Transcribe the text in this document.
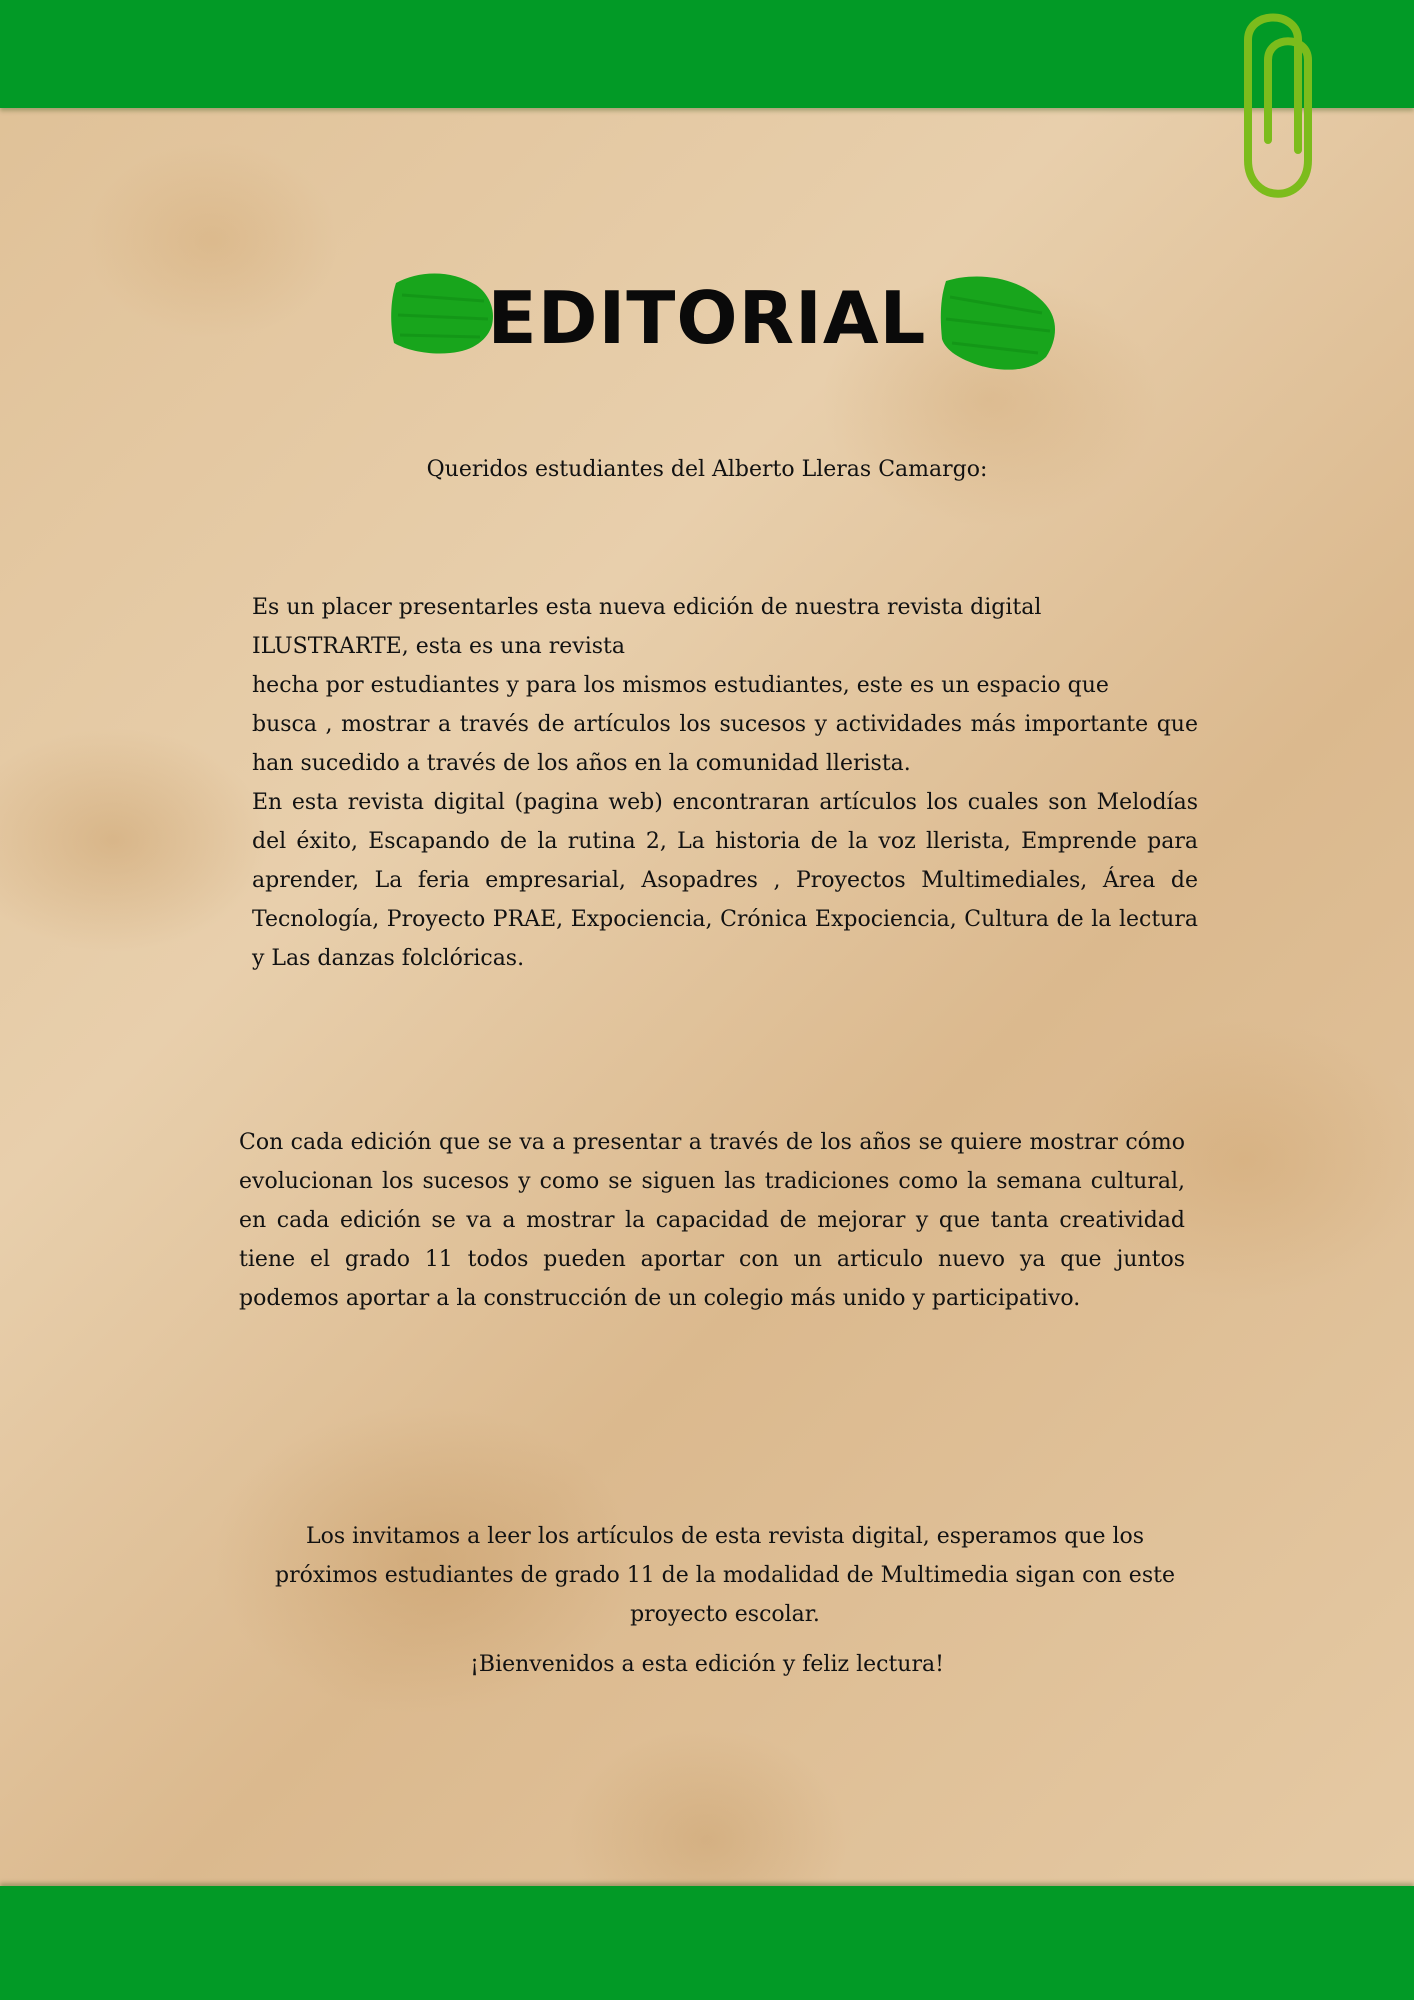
EDITORIAL
Queridos estudiantes del Alberto Lleras Camargo:
Es un placer presentarles esta nueva edición de nuestra revista digital ILUSTRARTE, esta es una revista
hecha por estudiantes y para los mismos estudiantes, este es un espacio que
busca , mostrar a través de artículos los sucesos y actividades más importante que han sucedido a través de los años en la comunidad llerista.
En esta revista digital (pagina web) encontraran artículos los cuales son Melodías del éxito, Escapando de la rutina 2, La historia de la voz llerista, Emprende para aprender, La feria empresarial, Asopadres , Proyectos Multimediales, Área de Tecnología, Proyecto PRAE, Expociencia, Crónica Expociencia, Cultura de la lectura y Las danzas folclóricas.
Con cada edición que se va a presentar a través de los años se quiere mostrar cómo evolucionan los sucesos y como se siguen las tradiciones como la semana cultural, en cada edición se va a mostrar la capacidad de mejorar y que tanta creatividad tiene el grado 11 todos pueden aportar con un articulo nuevo ya que juntos podemos aportar a la construcción de un colegio más unido y participativo.
Los invitamos a leer los artículos de esta revista digital, esperamos que los próximos estudiantes de grado 11 de la modalidad de Multimedia sigan con este proyecto escolar.
¡Bienvenidos a esta edición y feliz lectura!
